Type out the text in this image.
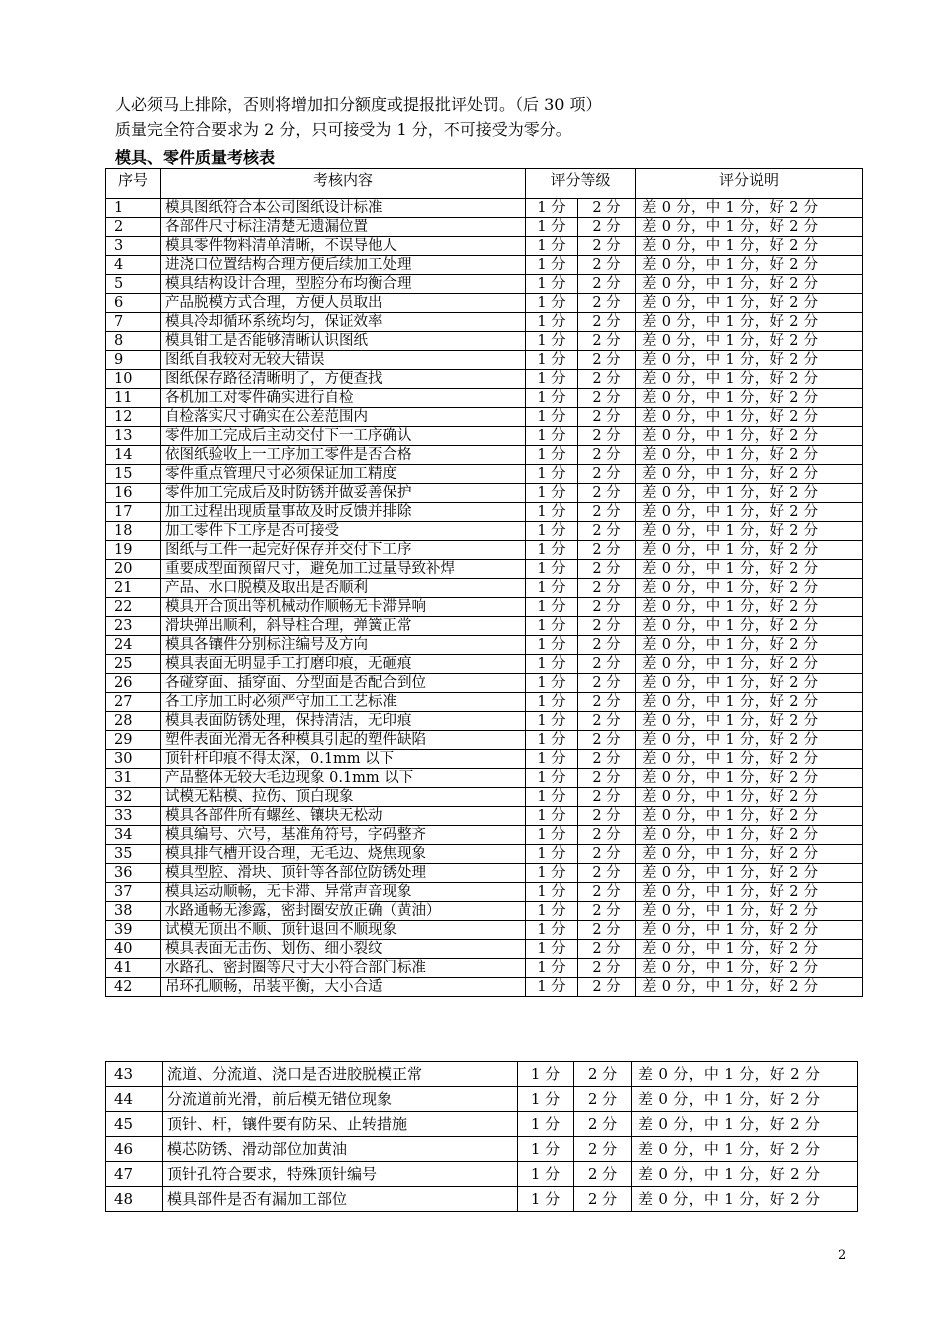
人必须马上排除，否则将增加扣分额度或提报批评处罚。（后 30 项）
质量完全符合要求为 2 分，只可接受为 1 分，不可接受为零分。
模具、零件质量考核表
序号	考核内容	评分等级		评分说明
1	模具图纸符合本公司图纸设计标准	1 分	2 分	差 0 分，中 1 分，好 2 分
2	各部件尺寸标注清楚无遗漏位置	1 分	2 分	差 0 分，中 1 分，好 2 分
3	模具零件物料清单清晰，不误导他人	1 分	2 分	差 0 分，中 1 分，好 2 分
4	进浇口位置结构合理方便后续加工处理	1 分	2 分	差 0 分，中 1 分，好 2 分
5	模具结构设计合理，型腔分布均衡合理	1 分	2 分	差 0 分，中 1 分，好 2 分
6	产品脱模方式合理，方便人员取出	1 分	2 分	差 0 分，中 1 分，好 2 分
7	模具冷却循环系统均匀，保证效率	1 分	2 分	差 0 分，中 1 分，好 2 分
8	模具钳工是否能够清晰认识图纸	1 分	2 分	差 0 分，中 1 分，好 2 分
9	图纸自我较对无较大错误	1 分	2 分	差 0 分，中 1 分，好 2 分
10	图纸保存路径清晰明了，方便查找	1 分	2 分	差 0 分，中 1 分，好 2 分
11	各机加工对零件确实进行自检	1 分	2 分	差 0 分，中 1 分，好 2 分
12	自检落实尺寸确实在公差范围内	1 分	2 分	差 0 分，中 1 分，好 2 分
13	零件加工完成后主动交付下一工序确认	1 分	2 分	差 0 分，中 1 分，好 2 分
14	依图纸验收上一工序加工零件是否合格	1 分	2 分	差 0 分，中 1 分，好 2 分
15	零件重点管理尺寸必须保证加工精度	1 分	2 分	差 0 分，中 1 分，好 2 分
16	零件加工完成后及时防锈并做妥善保护	1 分	2 分	差 0 分，中 1 分，好 2 分
17	加工过程出现质量事故及时反馈并排除	1 分	2 分	差 0 分，中 1 分，好 2 分
18	加工零件下工序是否可接受	1 分	2 分	差 0 分，中 1 分，好 2 分
19	图纸与工件一起完好保存并交付下工序	1 分	2 分	差 0 分，中 1 分，好 2 分
20	重要成型面预留尺寸，避免加工过量导致补焊	1 分	2 分	差 0 分，中 1 分，好 2 分
21	产品、水口脱模及取出是否顺利	1 分	2 分	差 0 分，中 1 分，好 2 分
22	模具开合顶出等机械动作顺畅无卡滞异响	1 分	2 分	差 0 分，中 1 分，好 2 分
23	滑块弹出顺利，斜导柱合理，弹簧正常	1 分	2 分	差 0 分，中 1 分，好 2 分
24	模具各镶件分别标注编号及方向	1 分	2 分	差 0 分，中 1 分，好 2 分
25	模具表面无明显手工打磨印痕，无砸痕	1 分	2 分	差 0 分，中 1 分，好 2 分
26	各碰穿面、插穿面、分型面是否配合到位	1 分	2 分	差 0 分，中 1 分，好 2 分
27	各工序加工时必须严守加工工艺标准	1 分	2 分	差 0 分，中 1 分，好 2 分
28	模具表面防锈处理，保持清洁，无印痕	1 分	2 分	差 0 分，中 1 分，好 2 分
29	塑件表面光滑无各种模具引起的塑件缺陷	1 分	2 分	差 0 分，中 1 分，好 2 分
30	顶针杆印痕不得太深，0.1mm 以下	1 分	2 分	差 0 分，中 1 分，好 2 分
31	产品整体无较大毛边现象 0.1mm 以下	1 分	2 分	差 0 分，中 1 分，好 2 分
32	试模无粘模、拉伤、顶白现象	1 分	2 分	差 0 分，中 1 分，好 2 分
33	模具各部件所有螺丝、镶块无松动	1 分	2 分	差 0 分，中 1 分，好 2 分
34	模具编号、穴号，基准角符号，字码整齐	1 分	2 分	差 0 分，中 1 分，好 2 分
35	模具排气槽开设合理，无毛边、烧焦现象	1 分	2 分	差 0 分，中 1 分，好 2 分
36	模具型腔、滑块、顶针等各部位防锈处理	1 分	2 分	差 0 分，中 1 分，好 2 分
37	模具运动顺畅，无卡滞、异常声音现象	1 分	2 分	差 0 分，中 1 分，好 2 分
38	水路通畅无渗露，密封圈安放正确（黄油）	1 分	2 分	差 0 分，中 1 分，好 2 分
39	试模无顶出不顺、顶针退回不顺现象	1 分	2 分	差 0 分，中 1 分，好 2 分
40	模具表面无击伤、划伤、细小裂纹	1 分	2 分	差 0 分，中 1 分，好 2 分
41	水路孔、密封圈等尺寸大小符合部门标准	1 分	2 分	差 0 分，中 1 分，好 2 分
42	吊环孔顺畅，吊装平衡，大小合适	1 分	2 分	差 0 分，中 1 分，好 2 分
43	流道、分流道、浇口是否进胶脱模正常	1 分	2 分	差 0 分，中 1 分，好 2 分
44	分流道前光滑，前后模无错位现象	1 分	2 分	差 0 分，中 1 分，好 2 分
45	顶针、杆，镶件要有防呆、止转措施	1 分	2 分	差 0 分，中 1 分，好 2 分
46	模芯防锈、滑动部位加黄油	1 分	2 分	差 0 分，中 1 分，好 2 分
47	顶针孔符合要求，特殊顶针编号	1 分	2 分	差 0 分，中 1 分，好 2 分
48	模具部件是否有漏加工部位	1 分	2 分	差 0 分，中 1 分，好 2 分
2
